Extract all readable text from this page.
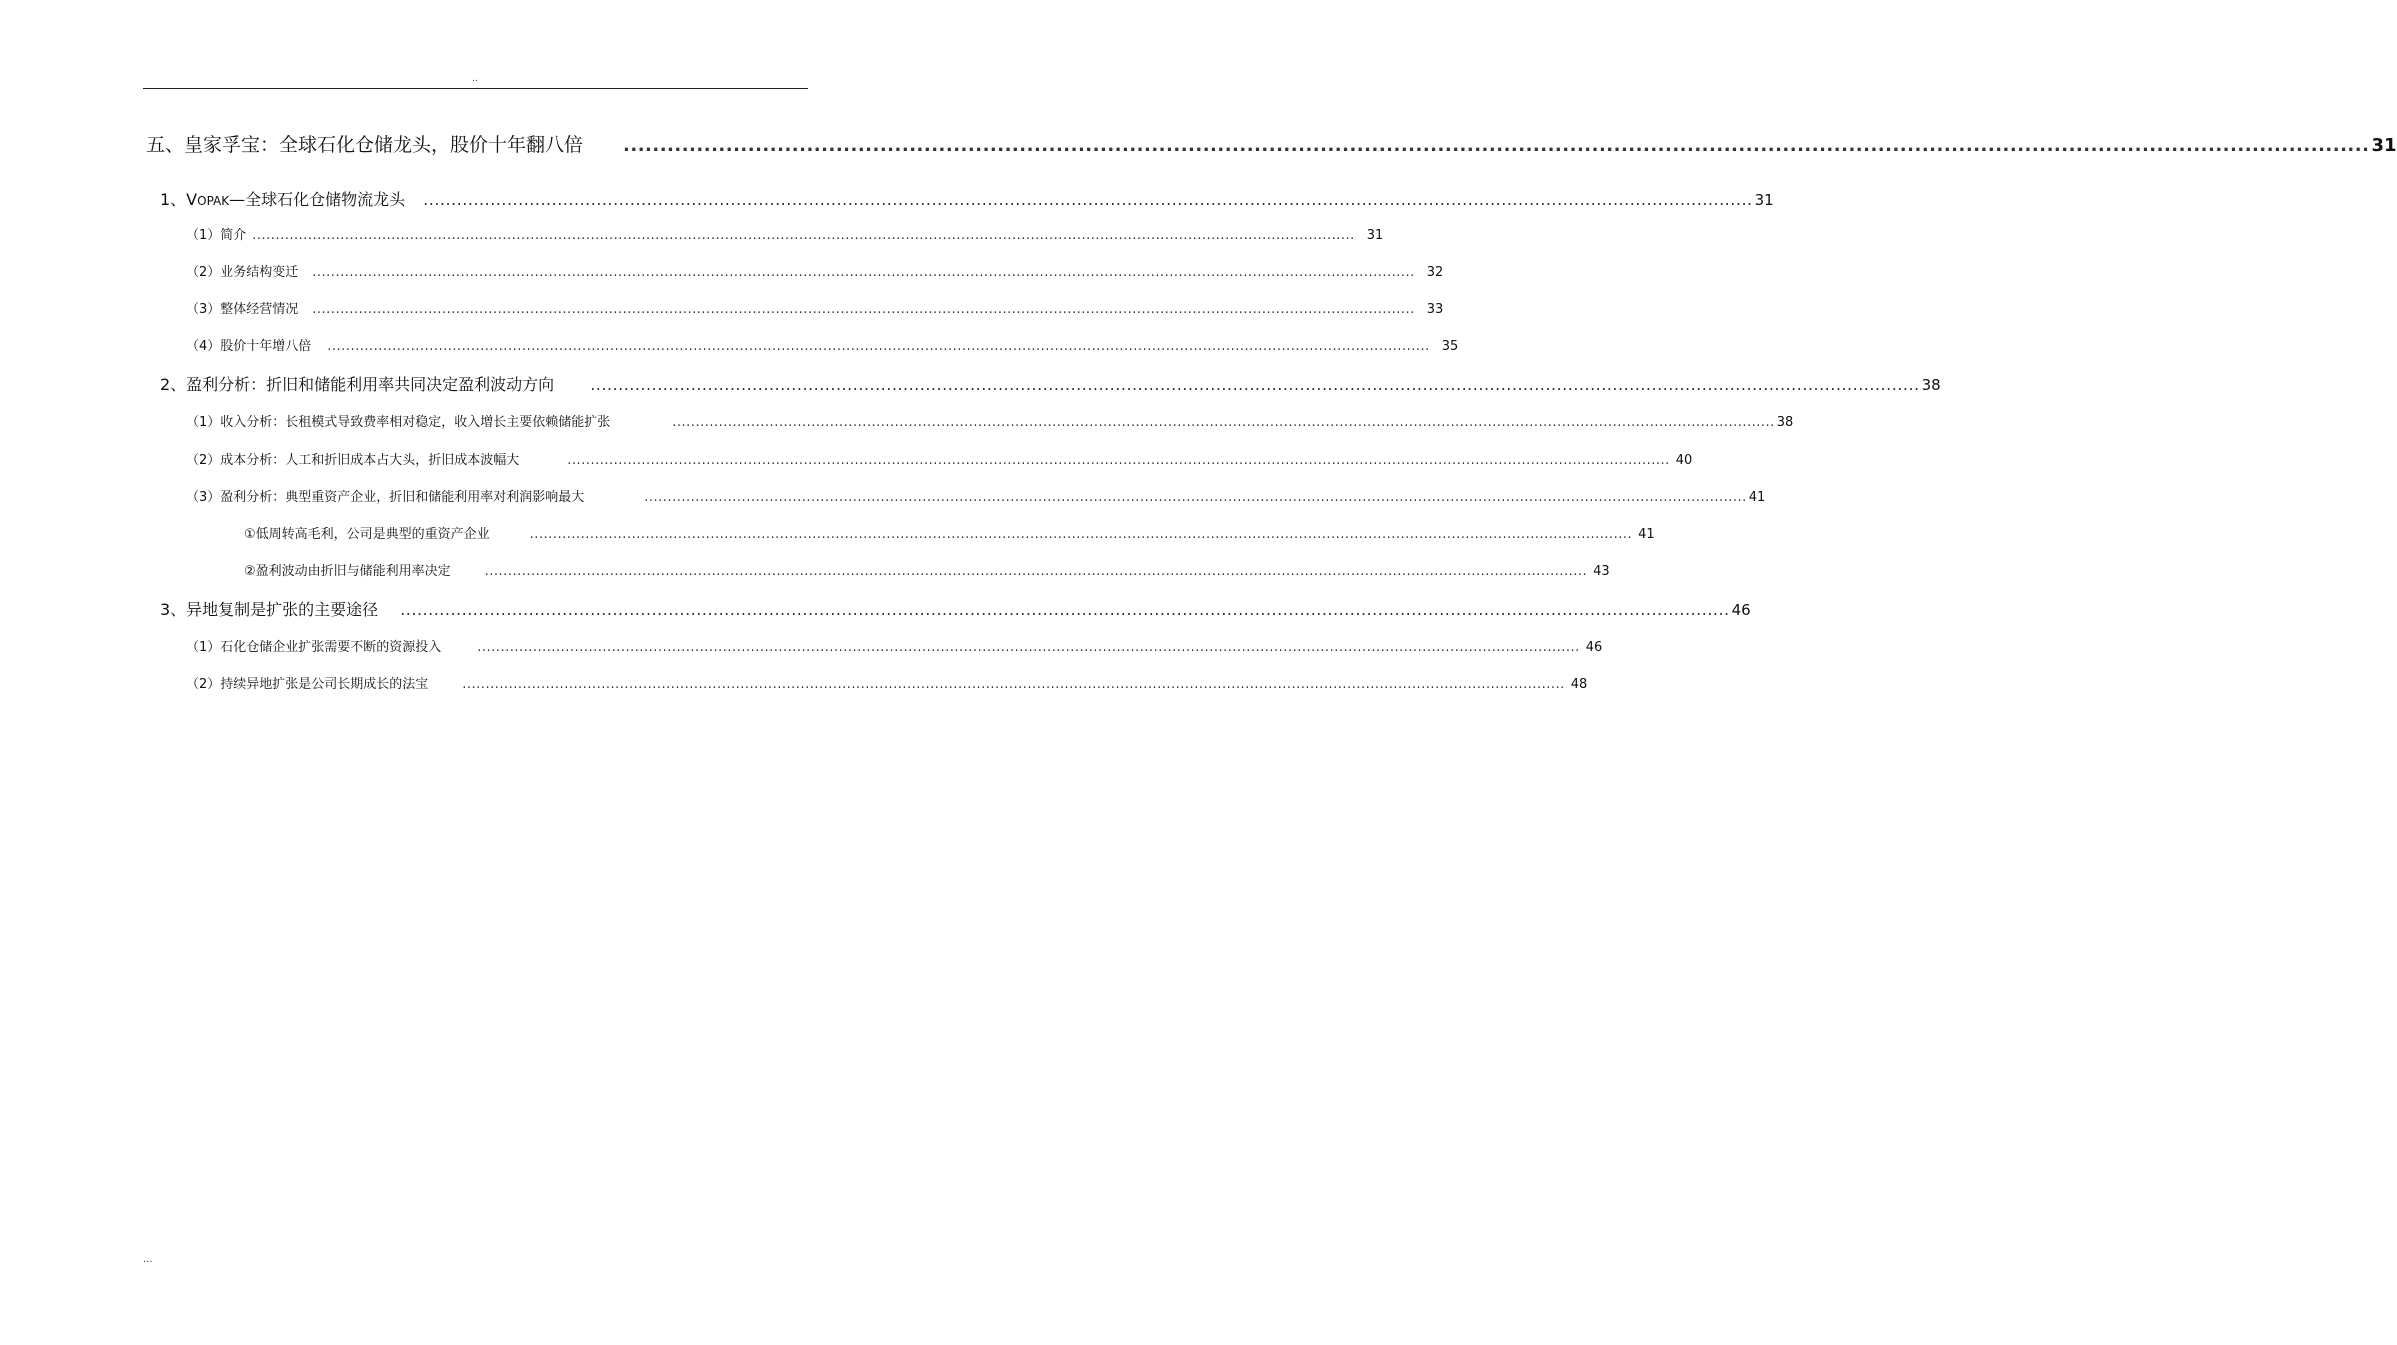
..
五、皇家孚宝：全球石化仓储龙头，股价十年翻八倍 .............................................................................................................................................................................................................................................. 31
1、VOPAK—全球石化仓储物流龙头 .............................................................................................................................................................................................................................................. 31
（1）简介 .............................................................................................................................................................................................................................................. 31
（2）业务结构变迁 .............................................................................................................................................................................................................................................. 32
（3）整体经营情况 .............................................................................................................................................................................................................................................. 33
（4）股价十年增八倍 .............................................................................................................................................................................................................................................. 35
2、盈利分析：折旧和储能利用率共同决定盈利波动方向 .............................................................................................................................................................................................................................................. 38
（1）收入分析：长租模式导致费率相对稳定，收入增长主要依赖储能扩张	.............................................................................................................................................................................................................................................. 38
（2）成本分析：人工和折旧成本占大头，折旧成本波幅大	.............................................................................................................................................................................................................................................. 40
（3）盈利分析：典型重资产企业，折旧和储能利用率对利润影响最大	.............................................................................................................................................................................................................................................. 41
①低周转高毛利，公司是典型的重资产企业	.............................................................................................................................................................................................................................................. 41
②盈利波动由折旧与储能利用率决定	.............................................................................................................................................................................................................................................. 43
3、异地复制是扩张的主要途径 .............................................................................................................................................................................................................................................. 46
（1）石化仓储企业扩张需要不断的资源投入	.............................................................................................................................................................................................................................................. 46
（2）持续异地扩张是公司长期成长的法宝	.............................................................................................................................................................................................................................................. 48
...
